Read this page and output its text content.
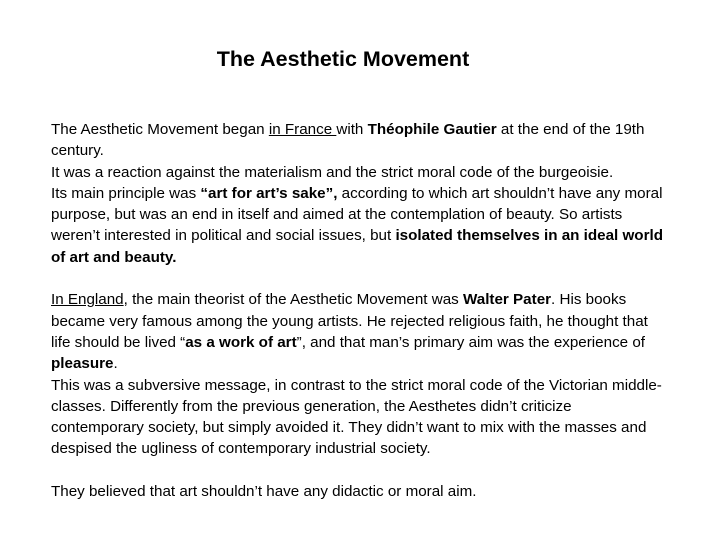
The Aesthetic Movement

The Aesthetic Movement began in France with Théophile Gautier at the end of the 19th century.

It was a reaction against the materialism and the strict moral code of the burgeoisie.

Its main principle was “art for art’s sake”, according to which art shouldn’t have any moral purpose, but was an end in itself and aimed at the contemplation of beauty. So artists weren’t interested in political and social issues, but isolated themselves in an ideal world of art and beauty.

In England, the main theorist of the Aesthetic Movement was Walter Pater. His books became very famous among the young artists. He rejected religious faith, he thought that life should be lived “as a work of art”, and that man’s primary aim was the experience of pleasure.

This was a subversive message, in contrast to the strict moral code of the Victorian middle-classes. Differently from the previous generation, the Aesthetes didn’t criticize contemporary society, but simply avoided it. They didn’t want to mix with the masses and despised the ugliness of contemporary industrial society.

They believed that art shouldn’t have any didactic or moral aim.
